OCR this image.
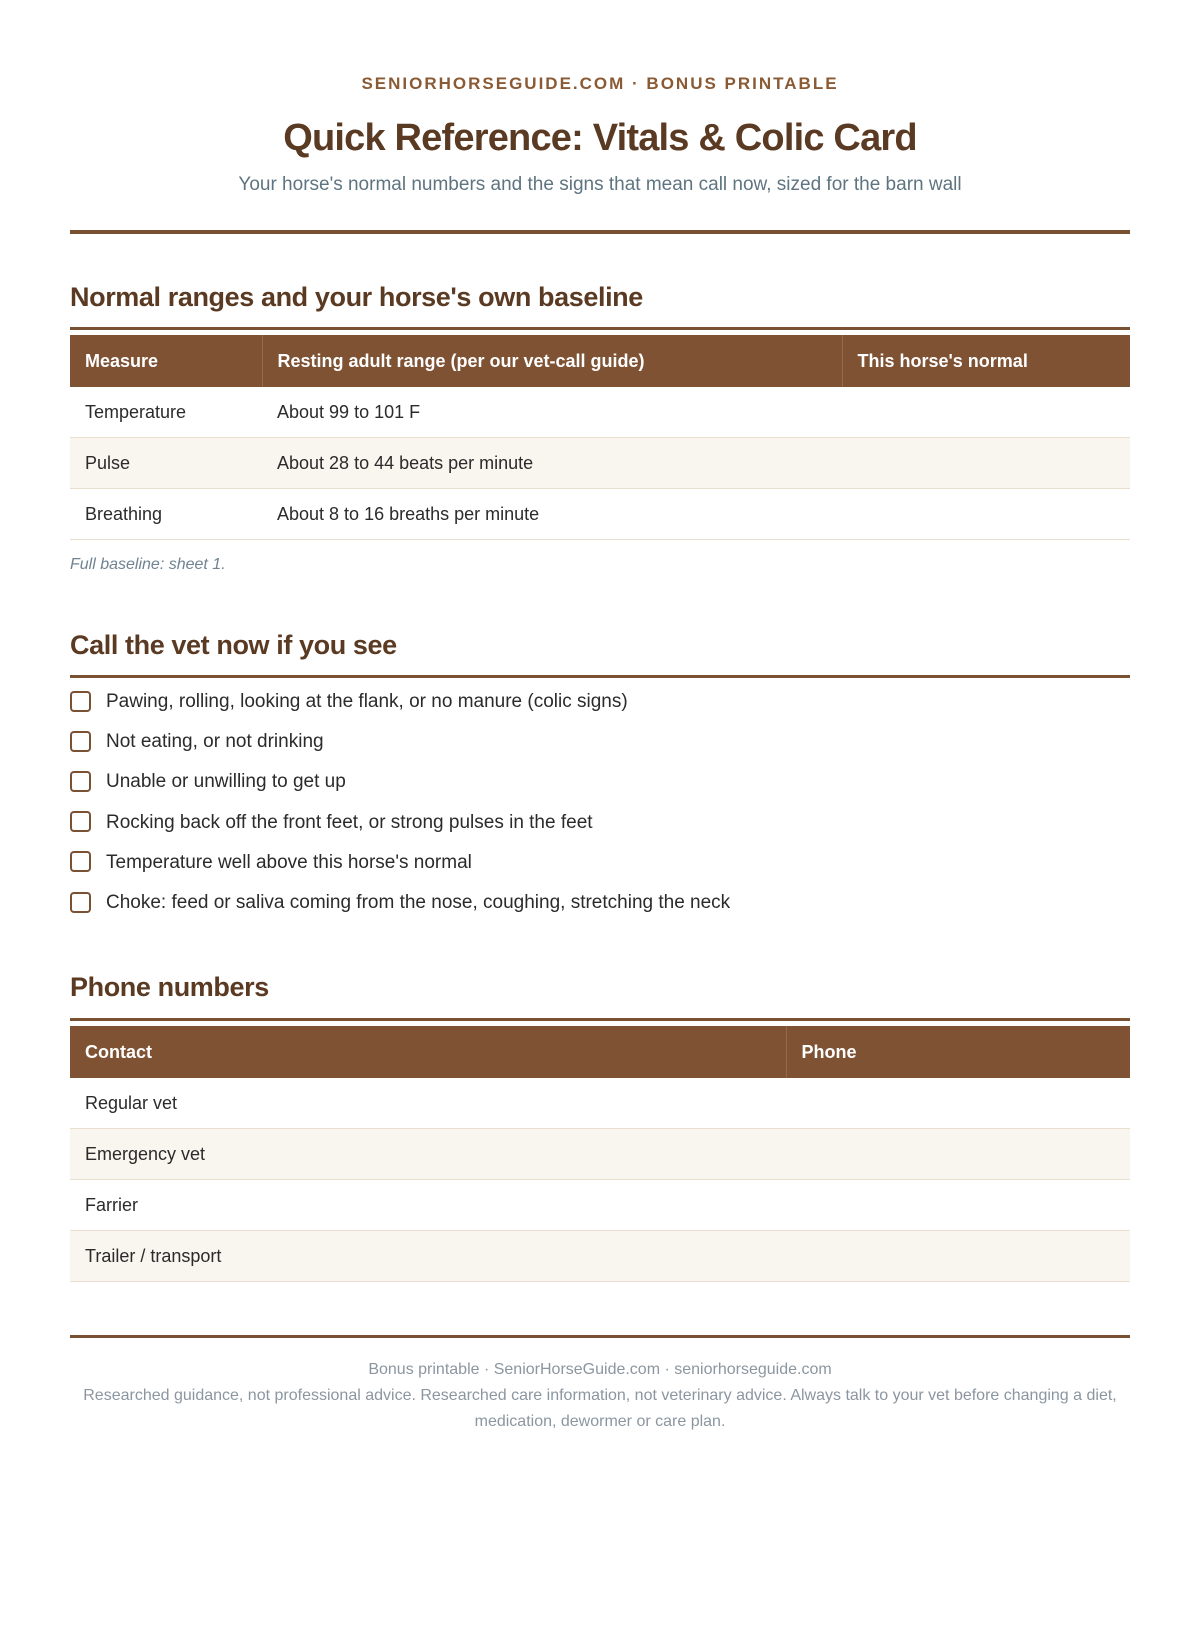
SENIORHORSEGUIDE.COM · BONUS PRINTABLE
Quick Reference: Vitals & Colic Card
Your horse's normal numbers and the signs that mean call now, sized for the barn wall
Normal ranges and your horse's own baseline
Measure	Resting adult range (per our vet-call guide)	This horse's normal
Temperature	About 99 to 101 F	
Pulse	About 28 to 44 beats per minute	
Breathing	About 8 to 16 breaths per minute	
Full baseline: sheet 1.
Call the vet now if you see
Pawing, rolling, looking at the flank, or no manure (colic signs)
Not eating, or not drinking
Unable or unwilling to get up
Rocking back off the front feet, or strong pulses in the feet
Temperature well above this horse's normal
Choke: feed or saliva coming from the nose, coughing, stretching the neck
Phone numbers
Contact	Phone
Regular vet	
Emergency vet	
Farrier	
Trailer / transport	
Bonus printable · SeniorHorseGuide.com · seniorhorseguide.com
Researched guidance, not professional advice. Researched care information, not veterinary advice. Always talk to your vet before changing a diet, medication, dewormer or care plan.
